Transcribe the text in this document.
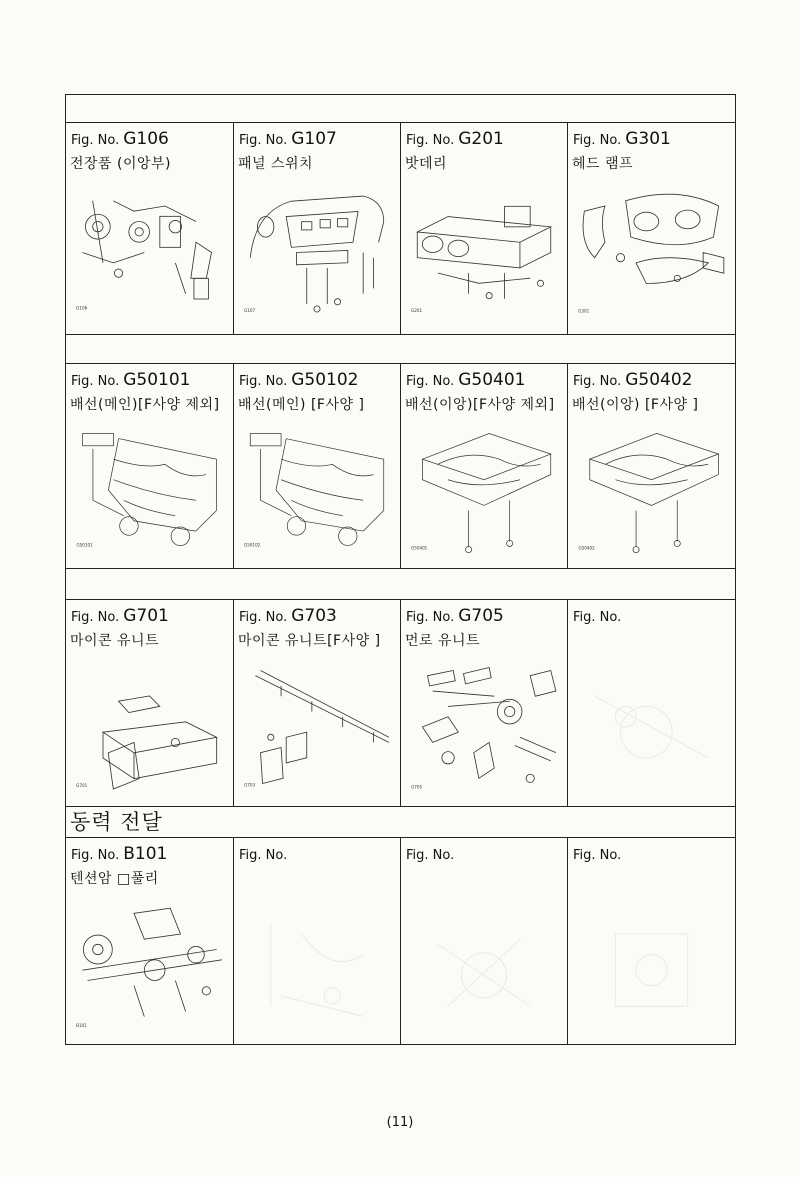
Fig. No. G106
전장품 (이앙부)
G106
Fig. No. G107
패널 스위치
G107
Fig. No. G201
밧데리
G201
Fig. No. G301
헤드 램프
G301
Fig. No. G50101
배선(메인)[F사양 제외]
G50101
Fig. No. G50102
배선(메인) [F사양 ]
G50102
Fig. No. G50401
배선(이앙)[F사양 제외]
G50401
Fig. No. G50402
배선(이앙) [F사양 ]
G50402
Fig. No. G701
마이콘 유니트
G701
Fig. No. G703
마이콘 유니트[F사양 ]
G703
Fig. No. G705
먼로 유니트
G705
Fig. No.
동력 전달
Fig. No. B101
텐션암 □풀리
B101
Fig. No.	Fig. No.	Fig. No.
(11)
